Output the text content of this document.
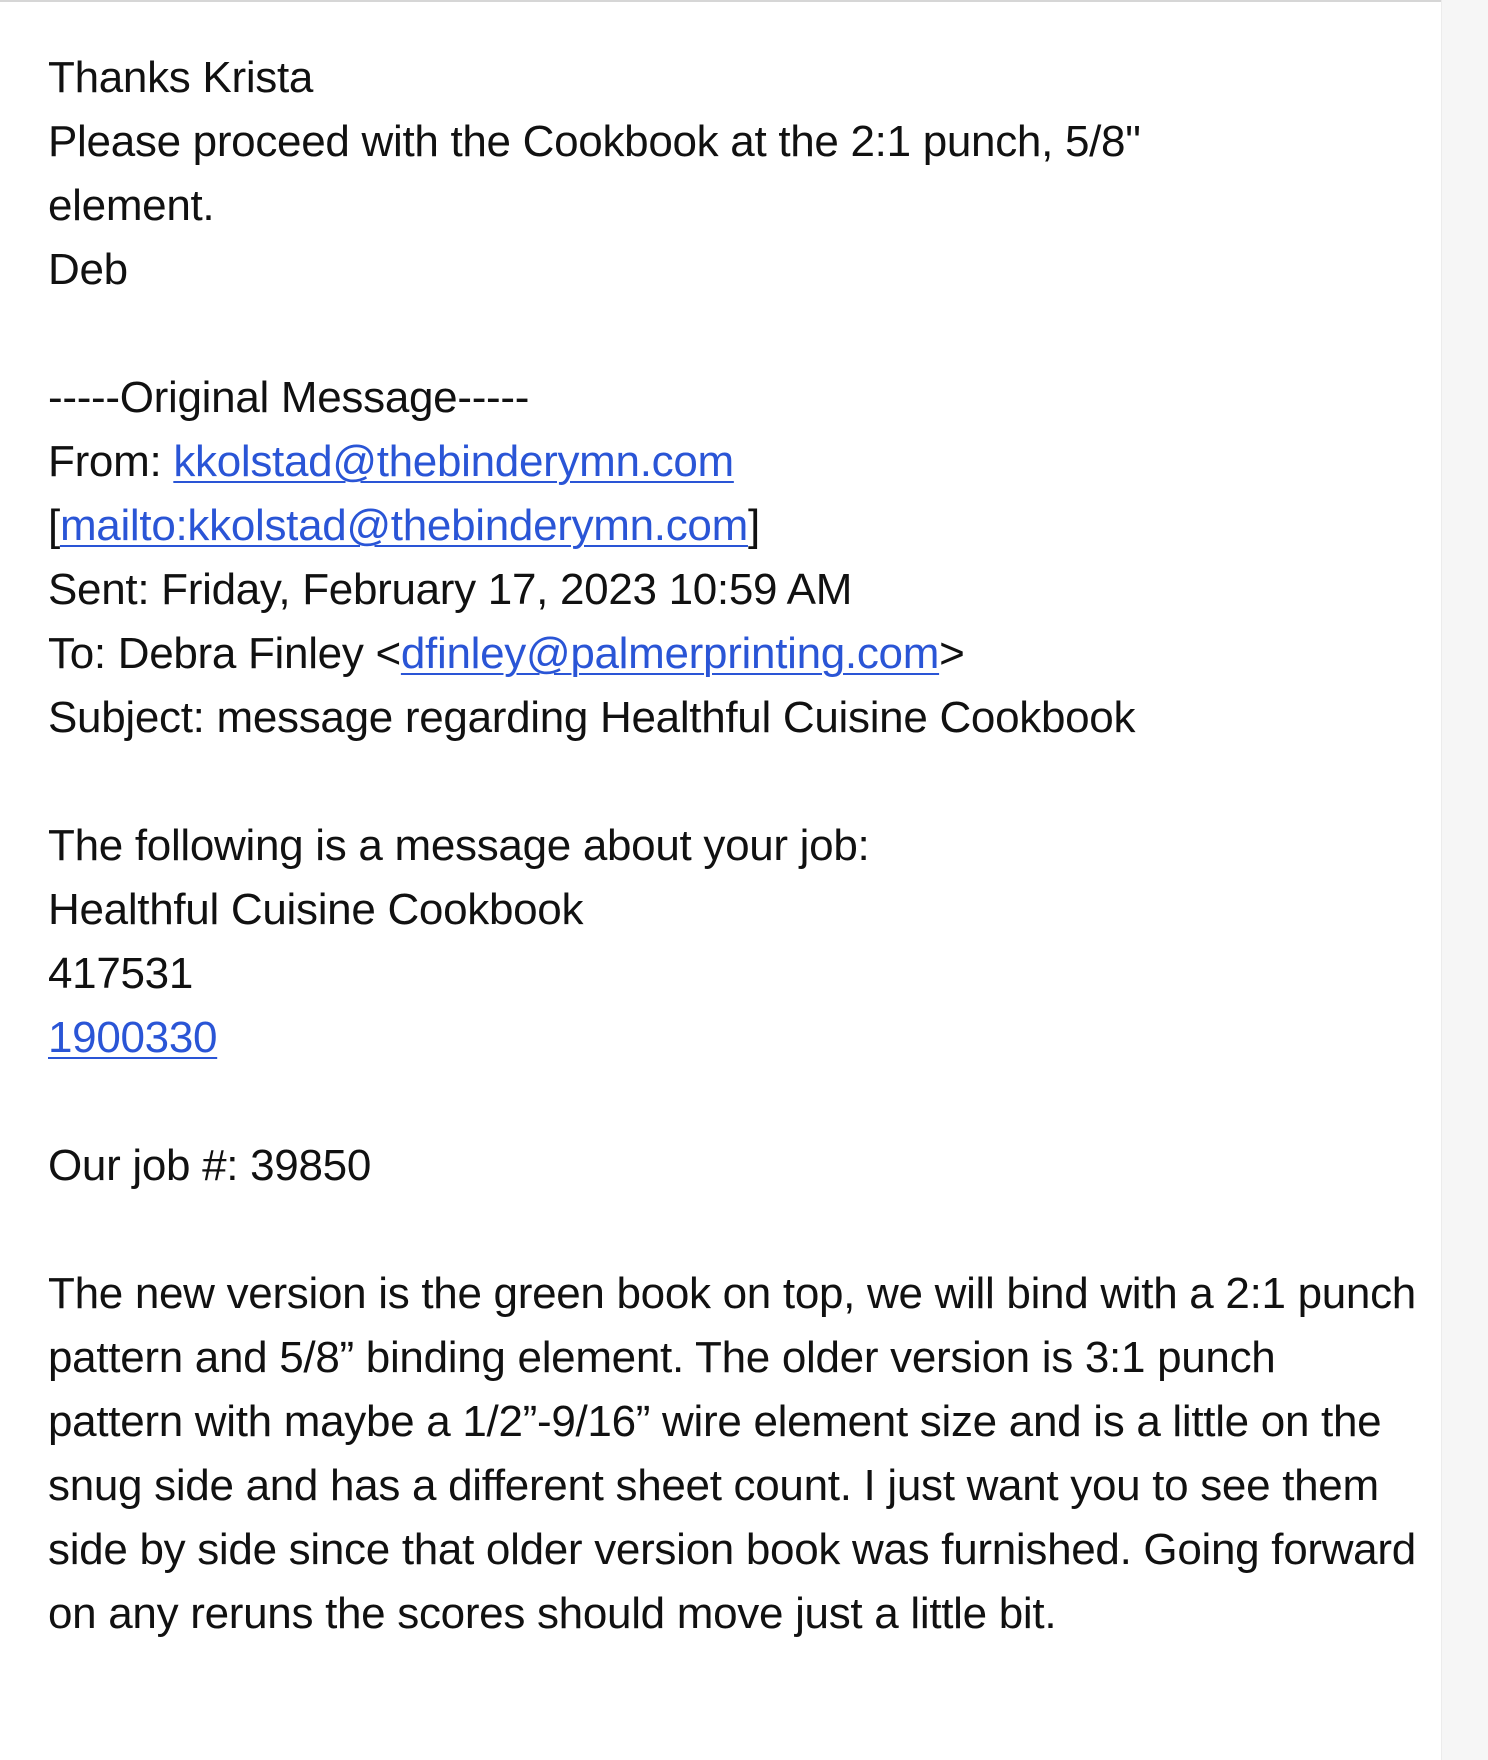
Thanks Krista
Please proceed with the Cookbook at the 2:1 punch, 5/8"
element.
Deb
-----Original Message-----
From: kkolstad@thebinderymn.com
[mailto:kkolstad@thebinderymn.com]
Sent: Friday, February 17, 2023 10:59 AM
To: Debra Finley <dfinley@palmerprinting.com>
Subject: message regarding Healthful Cuisine Cookbook
The following is a message about your job:
Healthful Cuisine Cookbook
417531
1900330
Our job #: 39850
The new version is the green book on top, we will bind with a 2:1 punch pattern and 5/8” binding element. The older version is 3:1 punch pattern with maybe a 1/2”-9/16” wire element size and is a little on the snug side and has a different sheet count. I just want you to see them side by side since that older version book was furnished. Going forward on any reruns the scores should move just a little bit.
